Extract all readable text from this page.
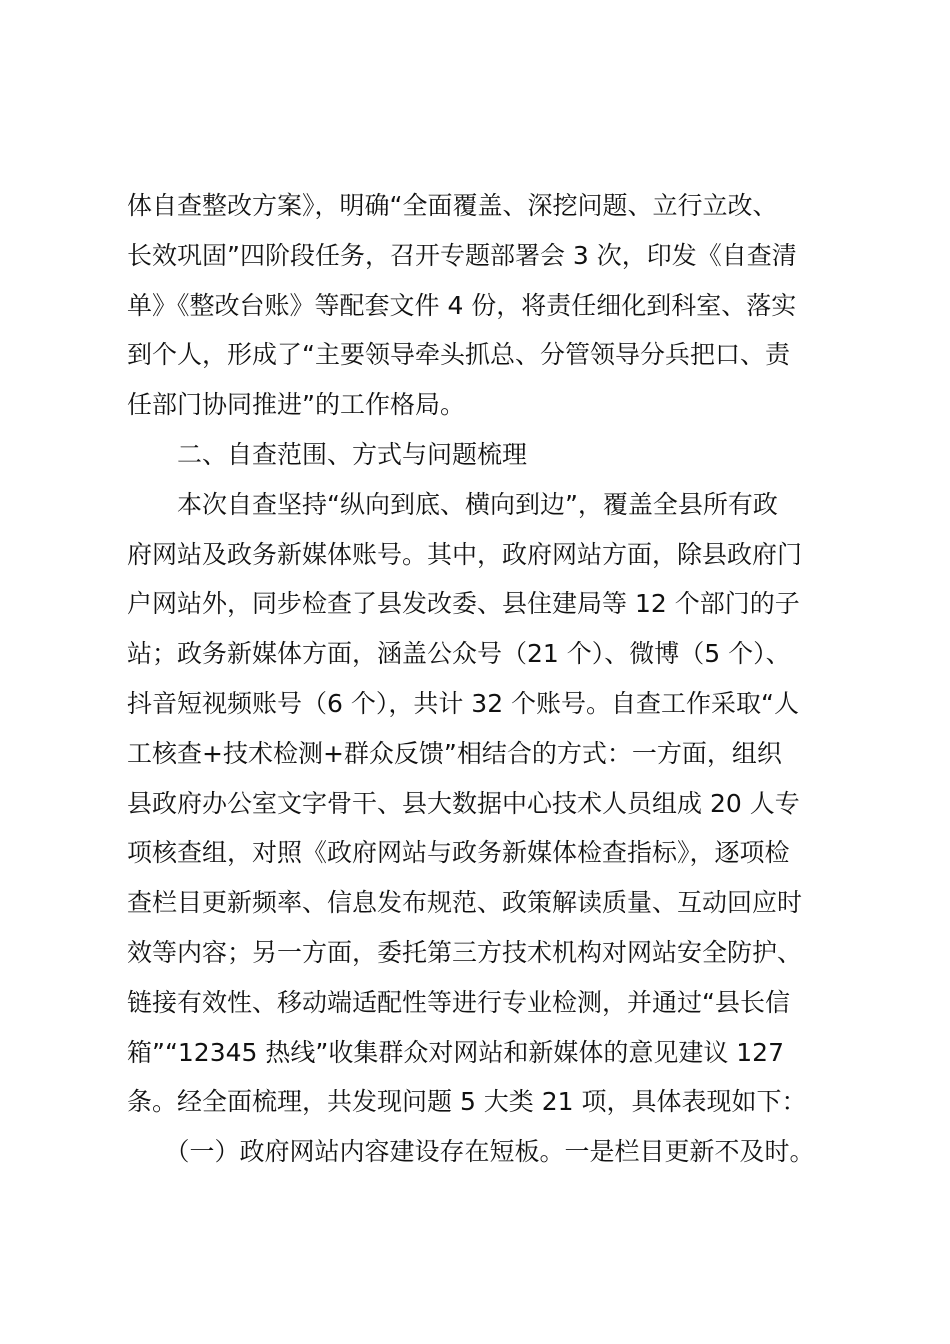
体自查整改方案》，明确“全面覆盖、深挖问题、立行立改、
长效巩固”四阶段任务，召开专题部署会 3 次，印发《自查清
单》《整改台账》等配套文件 4 份，将责任细化到科室、落实
到个人，形成了“主要领导牵头抓总、分管领导分兵把口、责
任部门协同推进”的工作格局。
　　二、自查范围、方式与问题梳理
　　本次自查坚持“纵向到底、横向到边”，覆盖全县所有政
府网站及政务新媒体账号。其中，政府网站方面，除县政府门
户网站外，同步检查了县发改委、县住建局等 12 个部门的子
站；政务新媒体方面，涵盖公众号（21 个）、微博（5 个）、
抖音短视频账号（6 个），共计 32 个账号。自查工作采取“人
工核查+技术检测+群众反馈”相结合的方式：一方面，组织
县政府办公室文字骨干、县大数据中心技术人员组成 20 人专
项核查组，对照《政府网站与政务新媒体检查指标》，逐项检
查栏目更新频率、信息发布规范、政策解读质量、互动回应时
效等内容；另一方面，委托第三方技术机构对网站安全防护、
链接有效性、移动端适配性等进行专业检测，并通过“县长信
箱”“12345 热线”收集群众对网站和新媒体的意见建议 127
条。经全面梳理，共发现问题 5 大类 21 项，具体表现如下：
　　（一）政府网站内容建设存在短板。一是栏目更新不及时。
